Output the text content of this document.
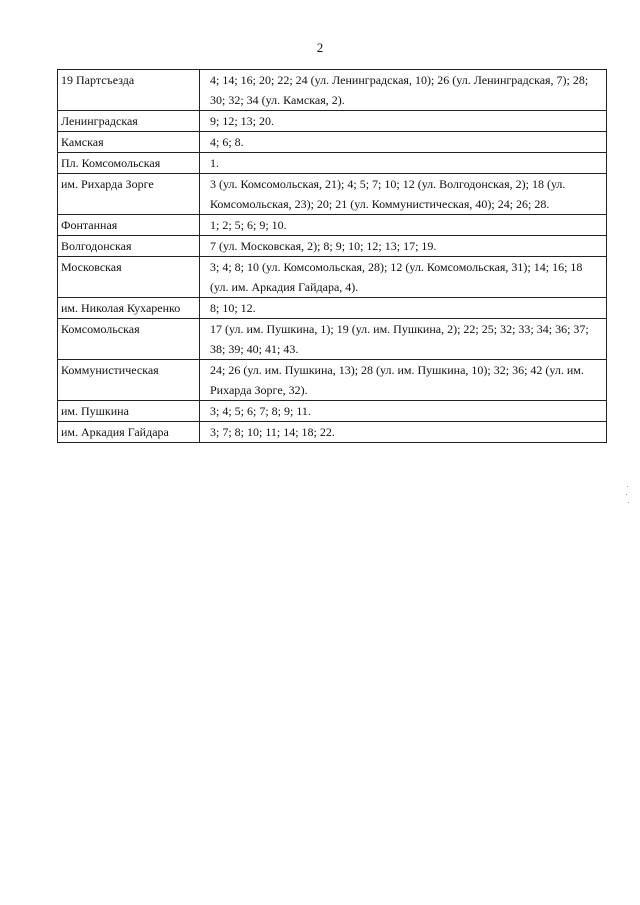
2
19 Партсъезда	4; 14; 16; 20; 22; 24 (ул. Ленинградская, 10); 26 (ул. Ленинградская, 7); 28; 30; 32; 34 (ул. Камская, 2).
Ленинградская	9; 12; 13; 20.
Камская	4; 6; 8.
Пл. Комсомольская	1.
им. Рихарда Зорге	3 (ул. Комсомольская, 21); 4; 5; 7; 10; 12 (ул. Волгодонская, 2); 18 (ул. Комсомольская, 23); 20; 21 (ул. Коммунистическая, 40); 24; 26; 28.
Фонтанная	1; 2; 5; 6; 9; 10.
Волгодонская	7 (ул. Московская, 2); 8; 9; 10; 12; 13; 17; 19.
Московская	3; 4; 8; 10 (ул. Комсомольская, 28); 12 (ул. Комсомольская, 31); 14; 16; 18 (ул. им. Аркадия Гайдара, 4).
им. Николая Кухаренко	8; 10; 12.
Комсомольская	17 (ул. им. Пушкина, 1); 19 (ул. им. Пушкина, 2); 22; 25; 32; 33; 34; 36; 37; 38; 39; 40; 41; 43.
Коммунистическая	24; 26 (ул. им. Пушкина, 13); 28 (ул. им. Пушкина, 10); 32; 36; 42 (ул. им. Рихарда Зорге, 32).
им. Пушкина	3; 4; 5; 6; 7; 8; 9; 11.
им. Аркадия Гайдара	3; 7; 8; 10; 11; 14; 18; 22.
